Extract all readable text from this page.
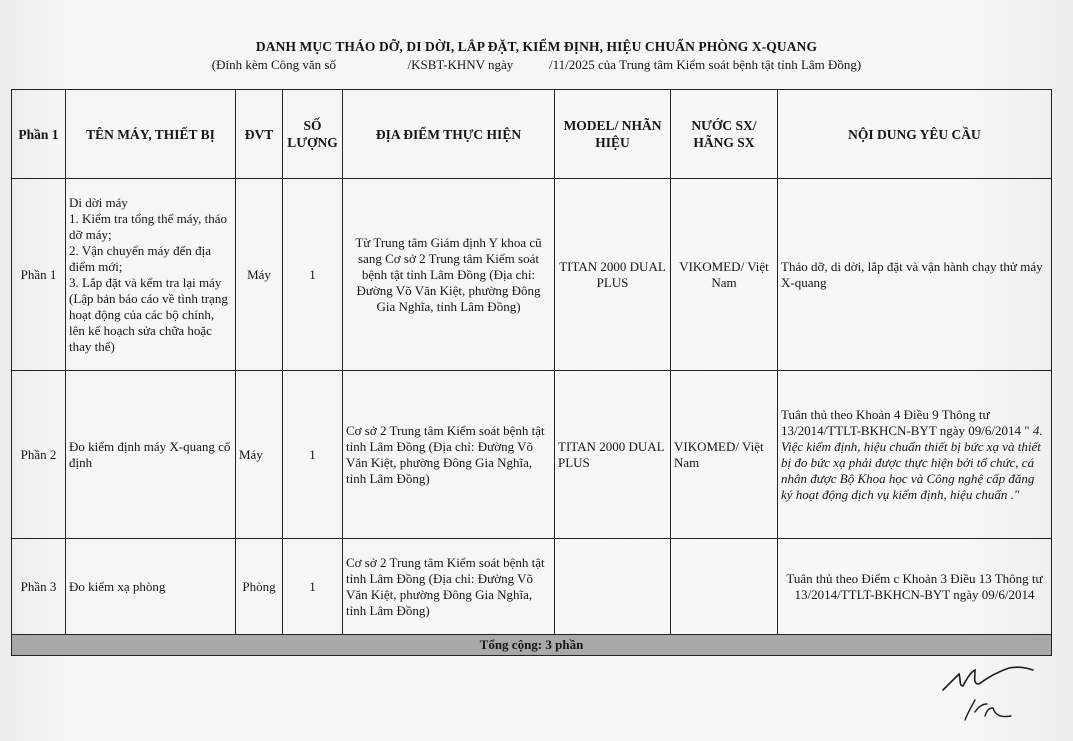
DANH MỤC THÁO DỠ, DI DỜI, LẮP ĐẶT, KIỂM ĐỊNH, HIỆU CHUẨN PHÒNG X-QUANG
(Đính kèm Công văn số	/KSBT-KHNV ngày	/11/2025 của Trung tâm Kiểm soát bệnh tật tỉnh Lâm Đồng)
Phần 1	TÊN MÁY, THIẾT BỊ	ĐVT	SỐ LƯỢNG	ĐỊA ĐIỂM THỰC HIỆN	MODEL/ NHÃN HIỆU	NƯỚC SX/ HÃNG SX	NỘI DUNG YÊU CẦU
Phần 1	Di dời máy
1. Kiểm tra tổng thể máy, tháo dỡ máy;
2. Vận chuyển máy đến địa điểm mới;
3. Lắp đặt và kểm tra lại máy (Lập bản báo cáo về tình trạng hoạt động của các bộ chính, lên kế hoạch sửa chữa hoặc thay thế)	Máy	1	Từ Trung tâm Giám định Y khoa cũ sang Cơ sở 2 Trung tâm Kiểm soát bệnh tật tỉnh Lâm Đồng (Địa chỉ: Đường Võ Văn Kiệt, phường Đông Gia Nghĩa, tỉnh Lâm Đồng)	TITAN 2000 DUAL PLUS	VIKOMED/ Việt Nam	Tháo dỡ, di dời, lắp đặt và vận hành chạy thử máy X-quang
Phần 2	Đo kiểm định máy X-quang cố định	Máy	1	Cơ sở 2 Trung tâm Kiểm soát bệnh tật tỉnh Lâm Đồng (Địa chỉ: Đường Võ Văn Kiệt, phường Đông Gia Nghĩa, tỉnh Lâm Đồng)	TITAN 2000 DUAL PLUS	VIKOMED/ Việt Nam	Tuân thủ theo Khoản 4 Điều 9 Thông tư 13/2014/TTLT-BKHCN-BYT ngày 09/6/2014 " 4. Việc kiểm định, hiệu chuẩn thiết bị bức xạ và thiết bị đo bức xạ phải được thực hiện bởi tổ chức, cá nhân được Bộ Khoa học và Công nghệ cấp đăng ký hoạt động dịch vụ kiểm định, hiệu chuẩn ."
Phần 3	Đo kiểm xạ phòng	Phòng	1	Cơ sở 2 Trung tâm Kiểm soát bệnh tật tỉnh Lâm Đồng (Địa chỉ: Đường Võ Văn Kiệt, phường Đông Gia Nghĩa, tỉnh Lâm Đồng)			Tuân thủ theo Điểm c Khoản 3 Điều 13 Thông tư 13/2014/TTLT-BKHCN-BYT ngày 09/6/2014
Tổng cộng: 3 phần							
